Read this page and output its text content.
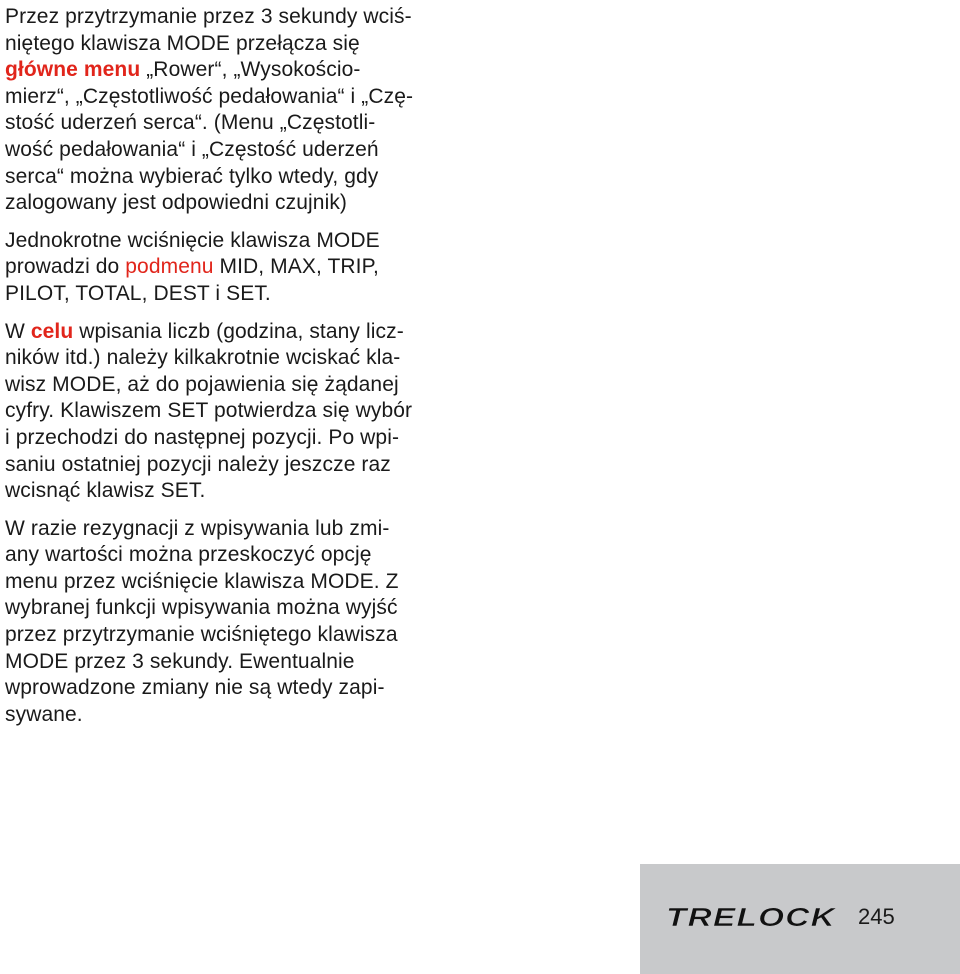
Przez przytrzymanie przez 3 sekundy wciś-
niętego klawisza MODE przełącza się
główne menu „Rower“, „Wysokościo-
mierz“, „Częstotliwość pedałowania“ i „Czę-
stość uderzeń serca“. (Menu „Częstotli-
wość pedałowania“ i „Częstość uderzeń
serca“ można wybierać tylko wtedy, gdy
zalogowany jest odpowiedni czujnik)
Jednokrotne wciśnięcie klawisza MODE
prowadzi do podmenu MID, MAX, TRIP,
PILOT, TOTAL, DEST i SET.
W celu wpisania liczb (godzina, stany licz-
ników itd.) należy kilkakrotnie wciskać kla-
wisz MODE, aż do pojawienia się żądanej
cyfry. Klawiszem SET potwierdza się wybór
i przechodzi do następnej pozycji. Po wpi-
saniu ostatniej pozycji należy jeszcze raz
wcisnąć klawisz SET.
W razie rezygnacji z wpisywania lub zmi-
any wartości można przeskoczyć opcję
menu przez wciśnięcie klawisza MODE. Z
wybranej funkcji wpisywania można wyjść
przez przytrzymanie wciśniętego klawisza
MODE przez 3 sekundy. Ewentualnie
wprowadzone zmiany nie są wtedy zapi-
sywane.
TRELOCK 245
